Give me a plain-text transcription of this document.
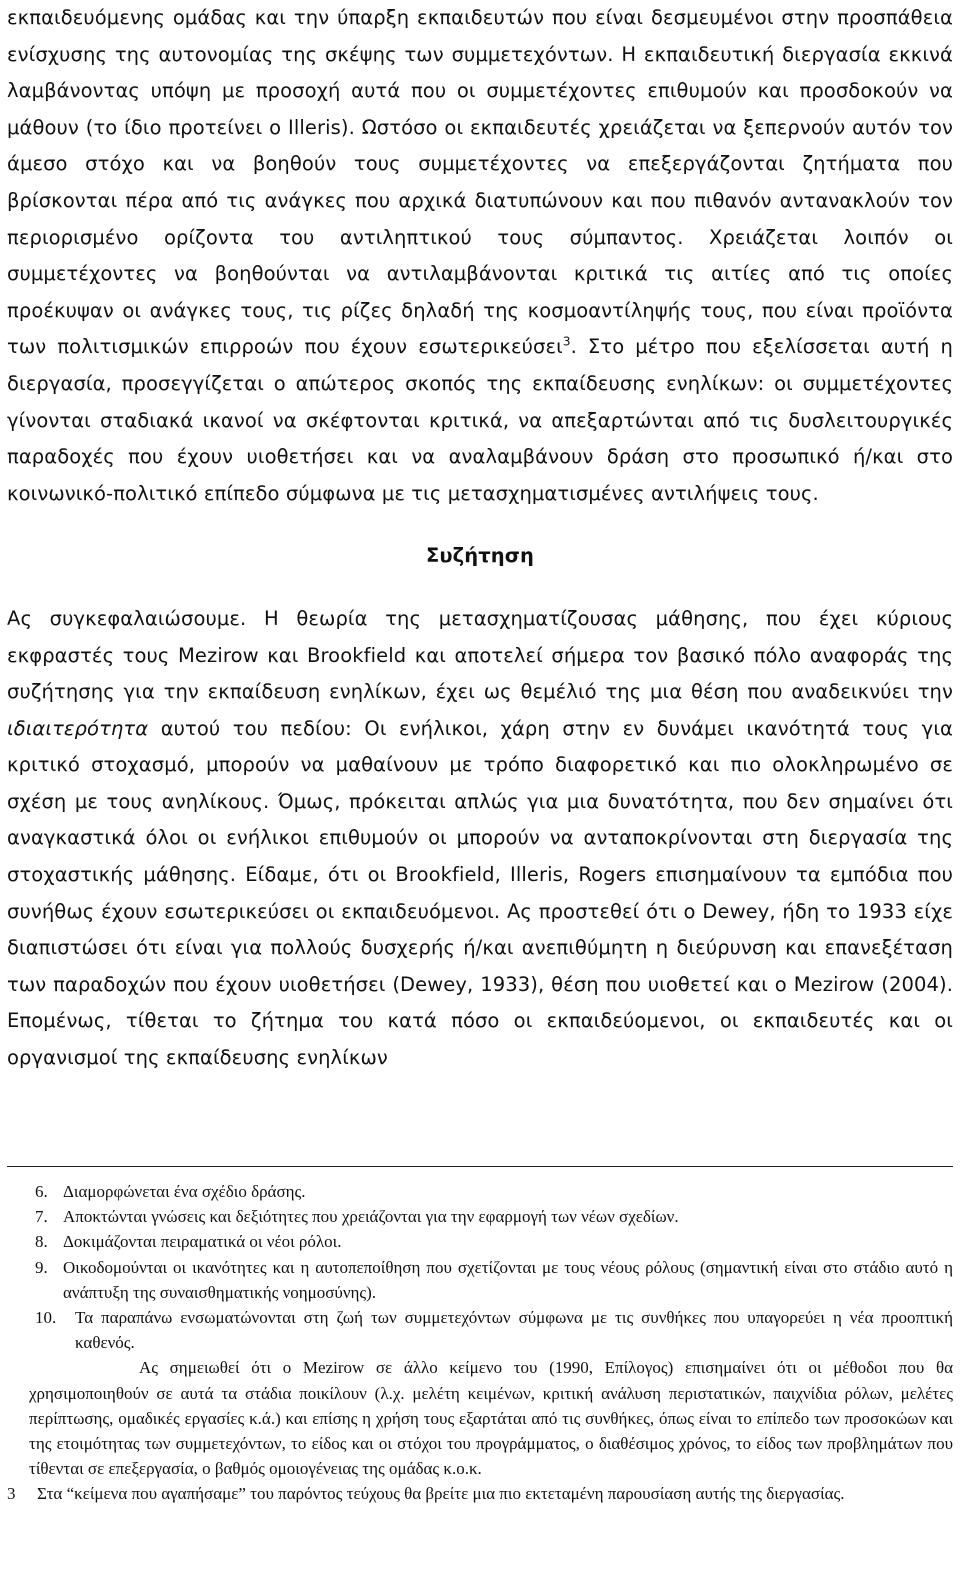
εκπαιδευόμενης ομάδας και την ύπαρξη εκπαιδευτών που είναι δεσμευμένοι στην προσπάθεια ενίσχυσης της αυτονομίας της σκέψης των συμμετεχόντων. Η εκπαιδευτική διεργασία εκκινά λαμβάνοντας υπόψη με προσοχή αυτά που οι συμμετέχοντες επιθυμούν και προσδοκούν να μάθουν (το ίδιο προτείνει ο Illeris). Ωστόσο οι εκπαιδευτές χρειάζεται να ξεπερνούν αυτόν τον άμεσο στόχο και να βοηθούν τους συμμετέχοντες να επεξεργάζονται ζητήματα που βρίσκονται πέρα από τις ανάγκες που αρχικά διατυπώνουν και που πιθανόν αντανακλούν τον περιορισμένο ορίζοντα του αντιληπτικού τους σύμπαντος. Χρειάζεται λοιπόν οι συμμετέχοντες να βοηθούνται να αντιλαμβάνονται κριτικά τις αιτίες από τις οποίες προέκυψαν οι ανάγκες τους, τις ρίζες δηλαδή της κοσμοαντίληψής τους, που είναι προϊόντα των πολιτισμικών επιρροών που έχουν εσωτερικεύσει$^3$. Στο μέτρο που εξελίσσεται αυτή η διεργασία, προσεγγίζεται ο απώτερος σκοπός της εκπαίδευσης ενηλίκων: οι συμμετέχοντες γίνονται σταδιακά ικανοί να σκέφτονται κριτικά, να απεξαρτώνται από τις δυσλειτουργικές παραδοχές που έχουν υιοθετήσει και να αναλαμβάνουν δράση στο προσωπικό ή/και στο κοινωνικό-πολιτικό επίπεδο σύμφωνα με τις μετασχηματισμένες αντιλήψεις τους.

Συζήτηση

Ας συγκεφαλαιώσουμε. Η θεωρία της μετασχηματίζουσας μάθησης, που έχει κύριους εκφραστές τους Mezirow και Brookfield και αποτελεί σήμερα τον βασικό πόλο αναφοράς της συζήτησης για την εκπαίδευση ενηλίκων, έχει ως θεμέλιό της μια θέση που αναδεικνύει την ιδιαιτερότητα αυτού του πεδίου: Οι ενήλικοι, χάρη στην εν δυνάμει ικανότητά τους για κριτικό στοχασμό, μπορούν να μαθαίνουν με τρόπο διαφορετικό και πιο ολοκληρωμένο σε σχέση με τους ανηλίκους. Όμως, πρόκειται απλώς για μια δυνατότητα, που δεν σημαίνει ότι αναγκαστικά όλοι οι ενήλικοι επιθυμούν οι μπορούν να ανταποκρίνονται στη διεργασία της στοχαστικής μάθησης. Είδαμε, ότι οι Brookfield, Illeris, Rogers επισημαίνουν τα εμπόδια που συνήθως έχουν εσωτερικεύσει οι εκπαιδευόμενοι. Ας προστεθεί ότι ο Dewey, ήδη το 1933 είχε διαπιστώσει ότι είναι για πολλούς δυσχερής ή/και ανεπιθύμητη η διεύρυνση και επανεξέταση των παραδοχών που έχουν υιοθετήσει (Dewey, 1933), θέση που υιοθετεί και ο Mezirow (2004). Επομένως, τίθεται το ζήτημα του κατά πόσο οι εκπαιδεύομενοι, οι εκπαιδευτές και οι οργανισμοί της εκπαίδευσης ενηλίκων

6. Διαμορφώνεται ένα σχέδιο δράσης.
7. Αποκτώνται γνώσεις και δεξιότητες που χρειάζονται για την εφαρμογή των νέων σχεδίων.
8. Δοκιμάζονται πειραματικά οι νέοι ρόλοι.
9. Οικοδομούνται οι ικανότητες και η αυτοπεποίθηση που σχετίζονται με τους νέους ρόλους (σημαντική είναι στο στάδιο αυτό η ανάπτυξη της συναισθηματικής νοημοσύνης).
10.	Τα παραπάνω ενσωματώνονται στη ζωή των συμμετεχόντων σύμφωνα με τις συνθήκες που υπαγορεύει η νέα προοπτική καθενός.

Ας σημειωθεί ότι ο Mezirow σε άλλο κείμενο του (1990, Επίλογος) επισημαίνει ότι οι μέθοδοι που θα χρησιμοποιηθούν σε αυτά τα στάδια ποικίλουν (λ.χ. μελέτη κειμένων, κριτική ανάλυση περιστατικών, παιχνίδια ρόλων, μελέτες περίπτωσης, ομαδικές εργασίες κ.ά.) και επίσης η χρήση τους εξαρτάται από τις συνθήκες, όπως είναι το επίπεδο των προσοκώων και της ετοιμότητας των συμμετεχόντων, το είδος και οι στόχοι του προγράμματος, ο διαθέσιμος χρόνος, το είδος των προβλημάτων που τίθενται σε επεξεργασία, ο βαθμός ομοιογένειας της ομάδας κ.ο.κ.

3	Στα “κείμενα που αγαπήσαμε” του παρόντος τεύχους θα βρείτε μια πιο εκτεταμένη παρουσίαση αυτής της διεργασίας.
